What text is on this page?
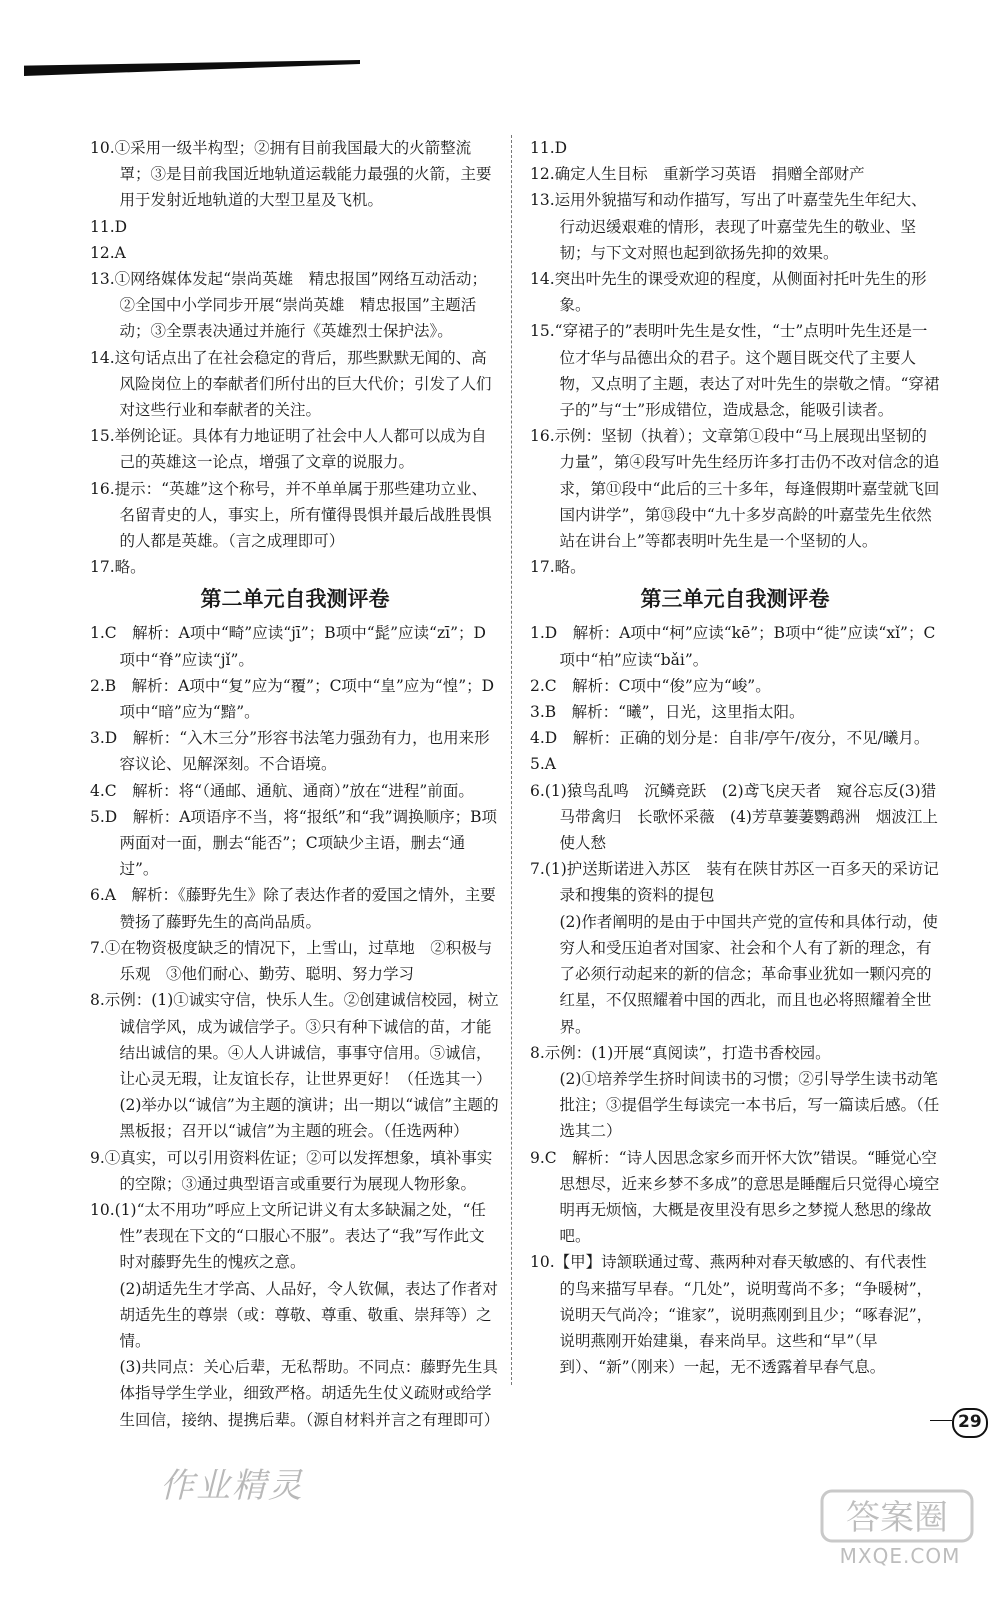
10.①采用一级半构型；②拥有目前我国最大的火箭整流罩；③是目前我国近地轨道运载能力最强的火箭，主要用于发射近地轨道的大型卫星及飞机。

11.D

12.A

13.①网络媒体发起“崇尚英雄　精忠报国”网络互动活动；②全国中小学同步开展“崇尚英雄　精忠报国”主题活动；③全票表决通过并施行《英雄烈士保护法》。

14.这句话点出了在社会稳定的背后，那些默默无闻的、高风险岗位上的奉献者们所付出的巨大代价；引发了人们对这些行业和奉献者的关注。

15.举例论证。具体有力地证明了社会中人人都可以成为自己的英雄这一论点，增强了文章的说服力。

16.提示：“英雄”这个称号，并不单单属于那些建功立业、名留青史的人，事实上，所有懂得畏惧并最后战胜畏惧的人都是英雄。（言之成理即可）

17.略。

第二单元自我测评卷

1.C　解析：A项中“畸”应读“jī”；B项中“髭”应读“zī”；D项中“脊”应读“jǐ”。

2.B　解析：A项中“复”应为“覆”；C项中“皇”应为“惶”；D项中“暗”应为“黯”。

3.D　解析：“入木三分”形容书法笔力强劲有力，也用来形容议论、见解深刻。不合语境。

4.C　解析：将“（通邮、通航、通商）”放在“进程”前面。

5.D　解析：A项语序不当，将“报纸”和“我”调换顺序；B项两面对一面，删去“能否”；C项缺少主语，删去“通过”。

6.A　解析：《藤野先生》除了表达作者的爱国之情外，主要赞扬了藤野先生的高尚品质。

7.①在物资极度缺乏的情况下，上雪山，过草地　②积极与乐观　③他们耐心、勤劳、聪明、努力学习

8.示例：(1)①诚实守信，快乐人生。②创建诚信校园，树立诚信学风，成为诚信学子。③只有种下诚信的苗，才能结出诚信的果。④人人讲诚信，事事守信用。⑤诚信，让心灵无瑕，让友谊长存，让世界更好！（任选其一）

(2)举办以“诚信”为主题的演讲；出一期以“诚信”主题的黑板报；召开以“诚信”为主题的班会。（任选两种）

9.①真实，可以引用资料佐证；②可以发挥想象，填补事实的空隙；③通过典型语言或重要行为展现人物形象。

10.(1)“太不用功”呼应上文所记讲义有太多缺漏之处，“任性”表现在下文的“口服心不服”。表达了“我”写作此文时对藤野先生的愧疚之意。

(2)胡适先生才学高、人品好，令人钦佩，表达了作者对胡适先生的尊崇（或：尊敬、尊重、敬重、崇拜等）之情。

(3)共同点：关心后辈，无私帮助。不同点：藤野先生具体指导学生学业，细致严格。胡适先生仗义疏财或给学生回信，接纳、提携后辈。（源自材料并言之有理即可）

11.D

12.确定人生目标　重新学习英语　捐赠全部财产

13.运用外貌描写和动作描写，写出了叶嘉莹先生年纪大、行动迟缓艰难的情形，表现了叶嘉莹先生的敬业、坚韧；与下文对照也起到欲扬先抑的效果。

14.突出叶先生的课受欢迎的程度，从侧面衬托叶先生的形象。

15.“穿裙子的”表明叶先生是女性，“士”点明叶先生还是一位才华与品德出众的君子。这个题目既交代了主要人物，又点明了主题，表达了对叶先生的崇敬之情。“穿裙子的”与“士”形成错位，造成悬念，能吸引读者。

16.示例：坚韧（执着）；文章第①段中“马上展现出坚韧的力量”，第④段写叶先生经历许多打击仍不改对信念的追求，第⑪段中“此后的三十多年，每逢假期叶嘉莹就飞回国内讲学”，第⑬段中“九十多岁高龄的叶嘉莹先生依然站在讲台上”等都表明叶先生是一个坚韧的人。

17.略。

第三单元自我测评卷

1.D　解析：A项中“柯”应读“kē”；B项中“徙”应读“xǐ”；C项中“柏”应读“bǎi”。

2.C　解析：C项中“俊”应为“峻”。

3.B　解析：“曦”，日光，这里指太阳。

4.D　解析：正确的划分是：自非/亭午/夜分，不见/曦月。

5.A

6.(1)猿鸟乱鸣　沉鳞竞跃　(2)鸢飞戾天者　窥谷忘反(3)猎马带禽归　长歌怀采薇　(4)芳草萋萋鹦鹉洲　烟波江上使人愁

7.(1)护送斯诺进入苏区　装有在陕甘苏区一百多天的采访记录和搜集的资料的提包

(2)作者阐明的是由于中国共产党的宣传和具体行动，使穷人和受压迫者对国家、社会和个人有了新的理念，有了必须行动起来的新的信念；革命事业犹如一颗闪亮的红星，不仅照耀着中国的西北，而且也必将照耀着全世界。

8.示例：(1)开展“真阅读”，打造书香校园。

(2)①培养学生挤时间读书的习惯；②引导学生读书动笔批注；③提倡学生每读完一本书后，写一篇读后感。（任选其二）

9.C　解析：“诗人因思念家乡而开怀大饮”错误。“睡觉心空思想尽，近来乡梦不多成”的意思是睡醒后只觉得心境空明再无烦恼，大概是夜里没有思乡之梦搅人愁思的缘故吧。

10.【甲】诗颔联通过莺、燕两种对春天敏感的、有代表性的鸟来描写早春。“几处”，说明莺尚不多；“争暖树”，说明天气尚冷；“谁家”，说明燕刚到且少；“啄春泥”，说明燕刚开始建巢，春来尚早。这些和“早”（早到）、“新”（刚来）一起，无不透露着早春气息。

29
作业精灵
答案圈
MXQE.COM
